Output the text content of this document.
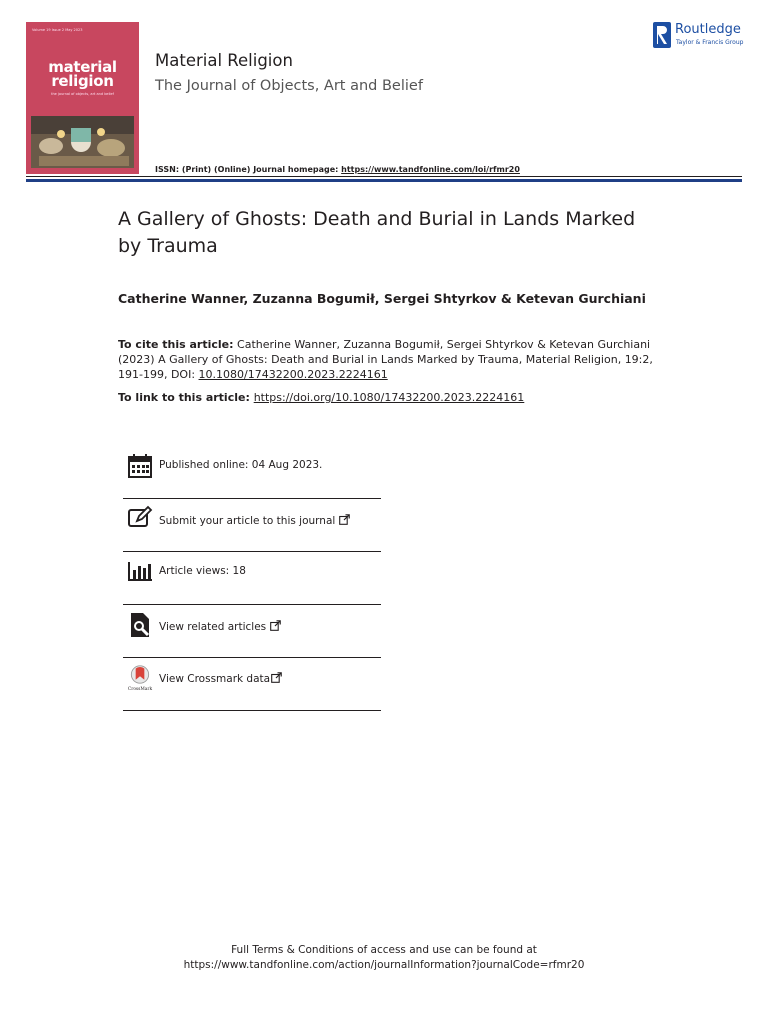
Volume 19 Issue 2 May 2023
material religion
the journal of objects, art and belief
Material Religion
The Journal of Objects, Art and Belief
Routledge
Taylor & Francis Group
ISSN: (Print) (Online) Journal homepage: https://www.tandfonline.com/loi/rfmr20
A Gallery of Ghosts: Death and Burial in Lands Marked by Trauma
Catherine Wanner, Zuzanna Bogumił, Sergei Shtyrkov & Ketevan Gurchiani
To cite this article: Catherine Wanner, Zuzanna Bogumił, Sergei Shtyrkov & Ketevan Gurchiani (2023) A Gallery of Ghosts: Death and Burial in Lands Marked by Trauma, Material Religion, 19:2, 191-199, DOI: 10.1080/17432200.2023.2224161
To link to this article: https://doi.org/10.1080/17432200.2023.2224161
Published online: 04 Aug 2023.
Submit your article to this journal
Article views: 18
View related articles
CrossMark
View Crossmark data
Full Terms & Conditions of access and use can be found at
https://www.tandfonline.com/action/journalInformation?journalCode=rfmr20
